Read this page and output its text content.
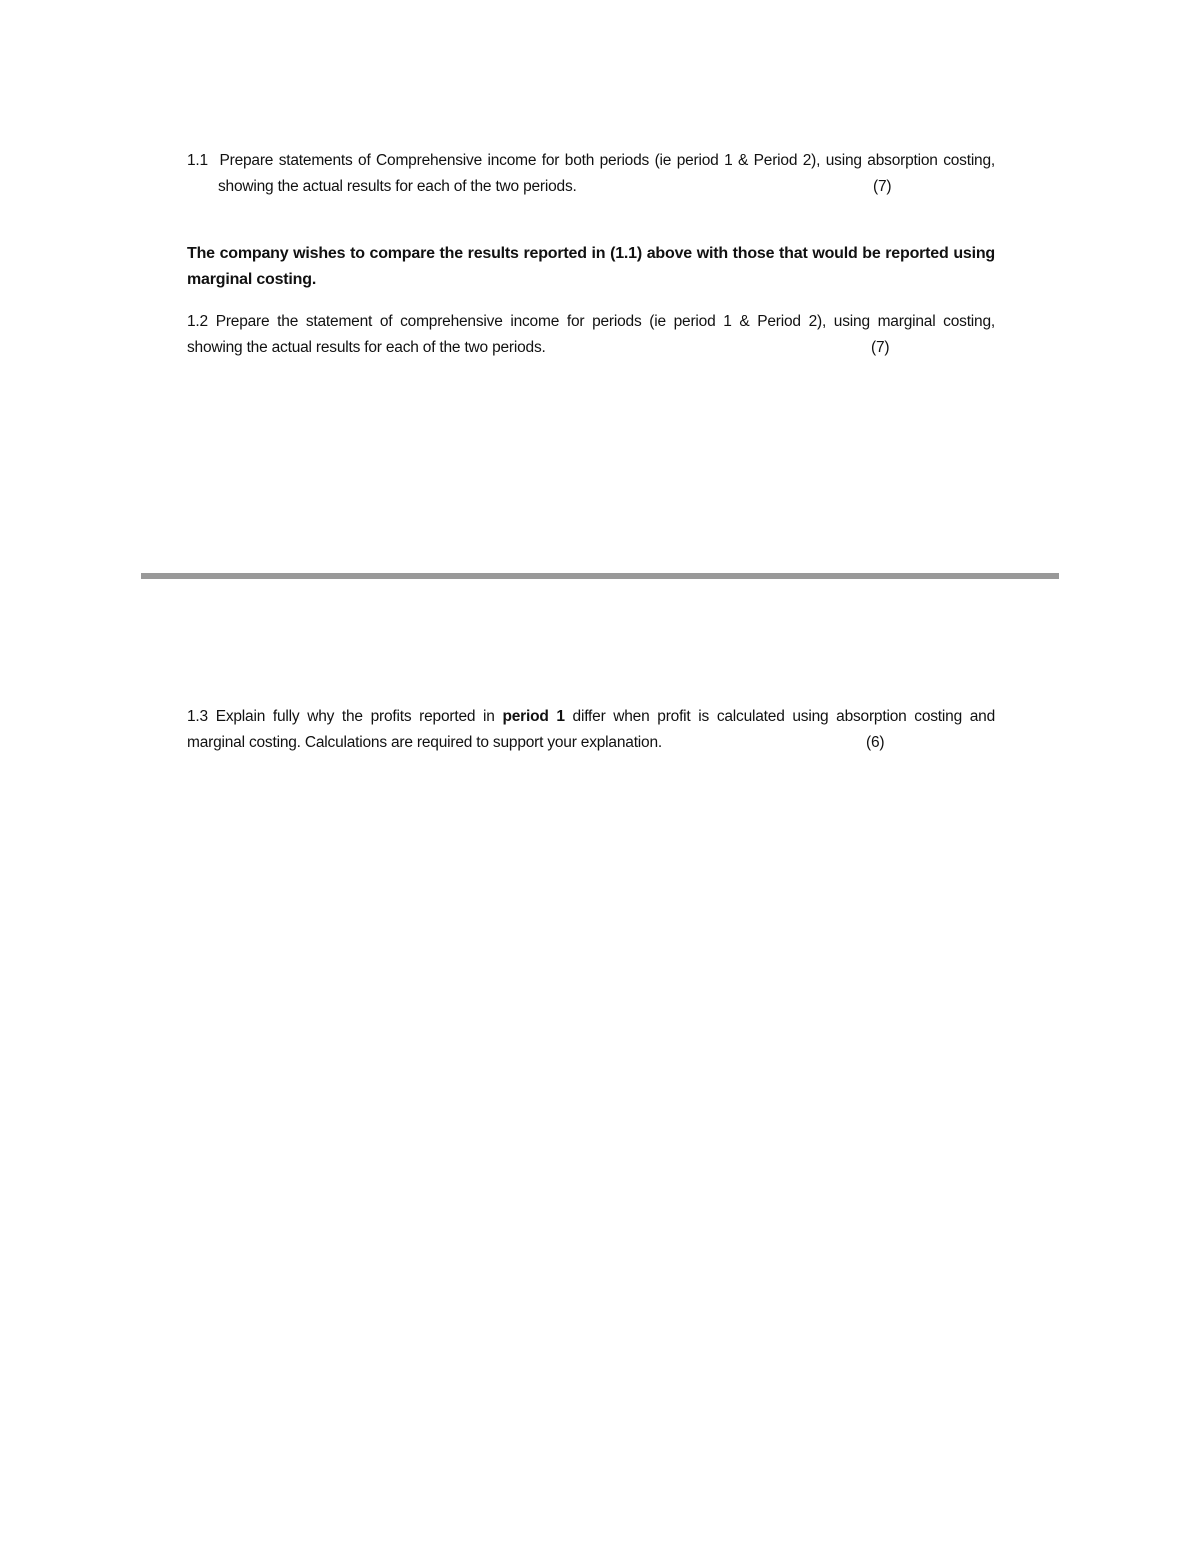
1.1 Prepare statements of Comprehensive income for both periods (ie period 1 & Period 2), using absorption costing,
showing the actual results for each of the two periods.	(7)
The company wishes to compare the results reported in (1.1) above with those that would be reported using
marginal costing.
1.2 Prepare the statement of comprehensive income for periods (ie period 1 & Period 2), using marginal costing,
showing the actual results for each of the two periods.	(7)
1.3 Explain fully why the profits reported in period 1 differ when profit is calculated using absorption costing and
marginal costing. Calculations are required to support your explanation.	(6)
